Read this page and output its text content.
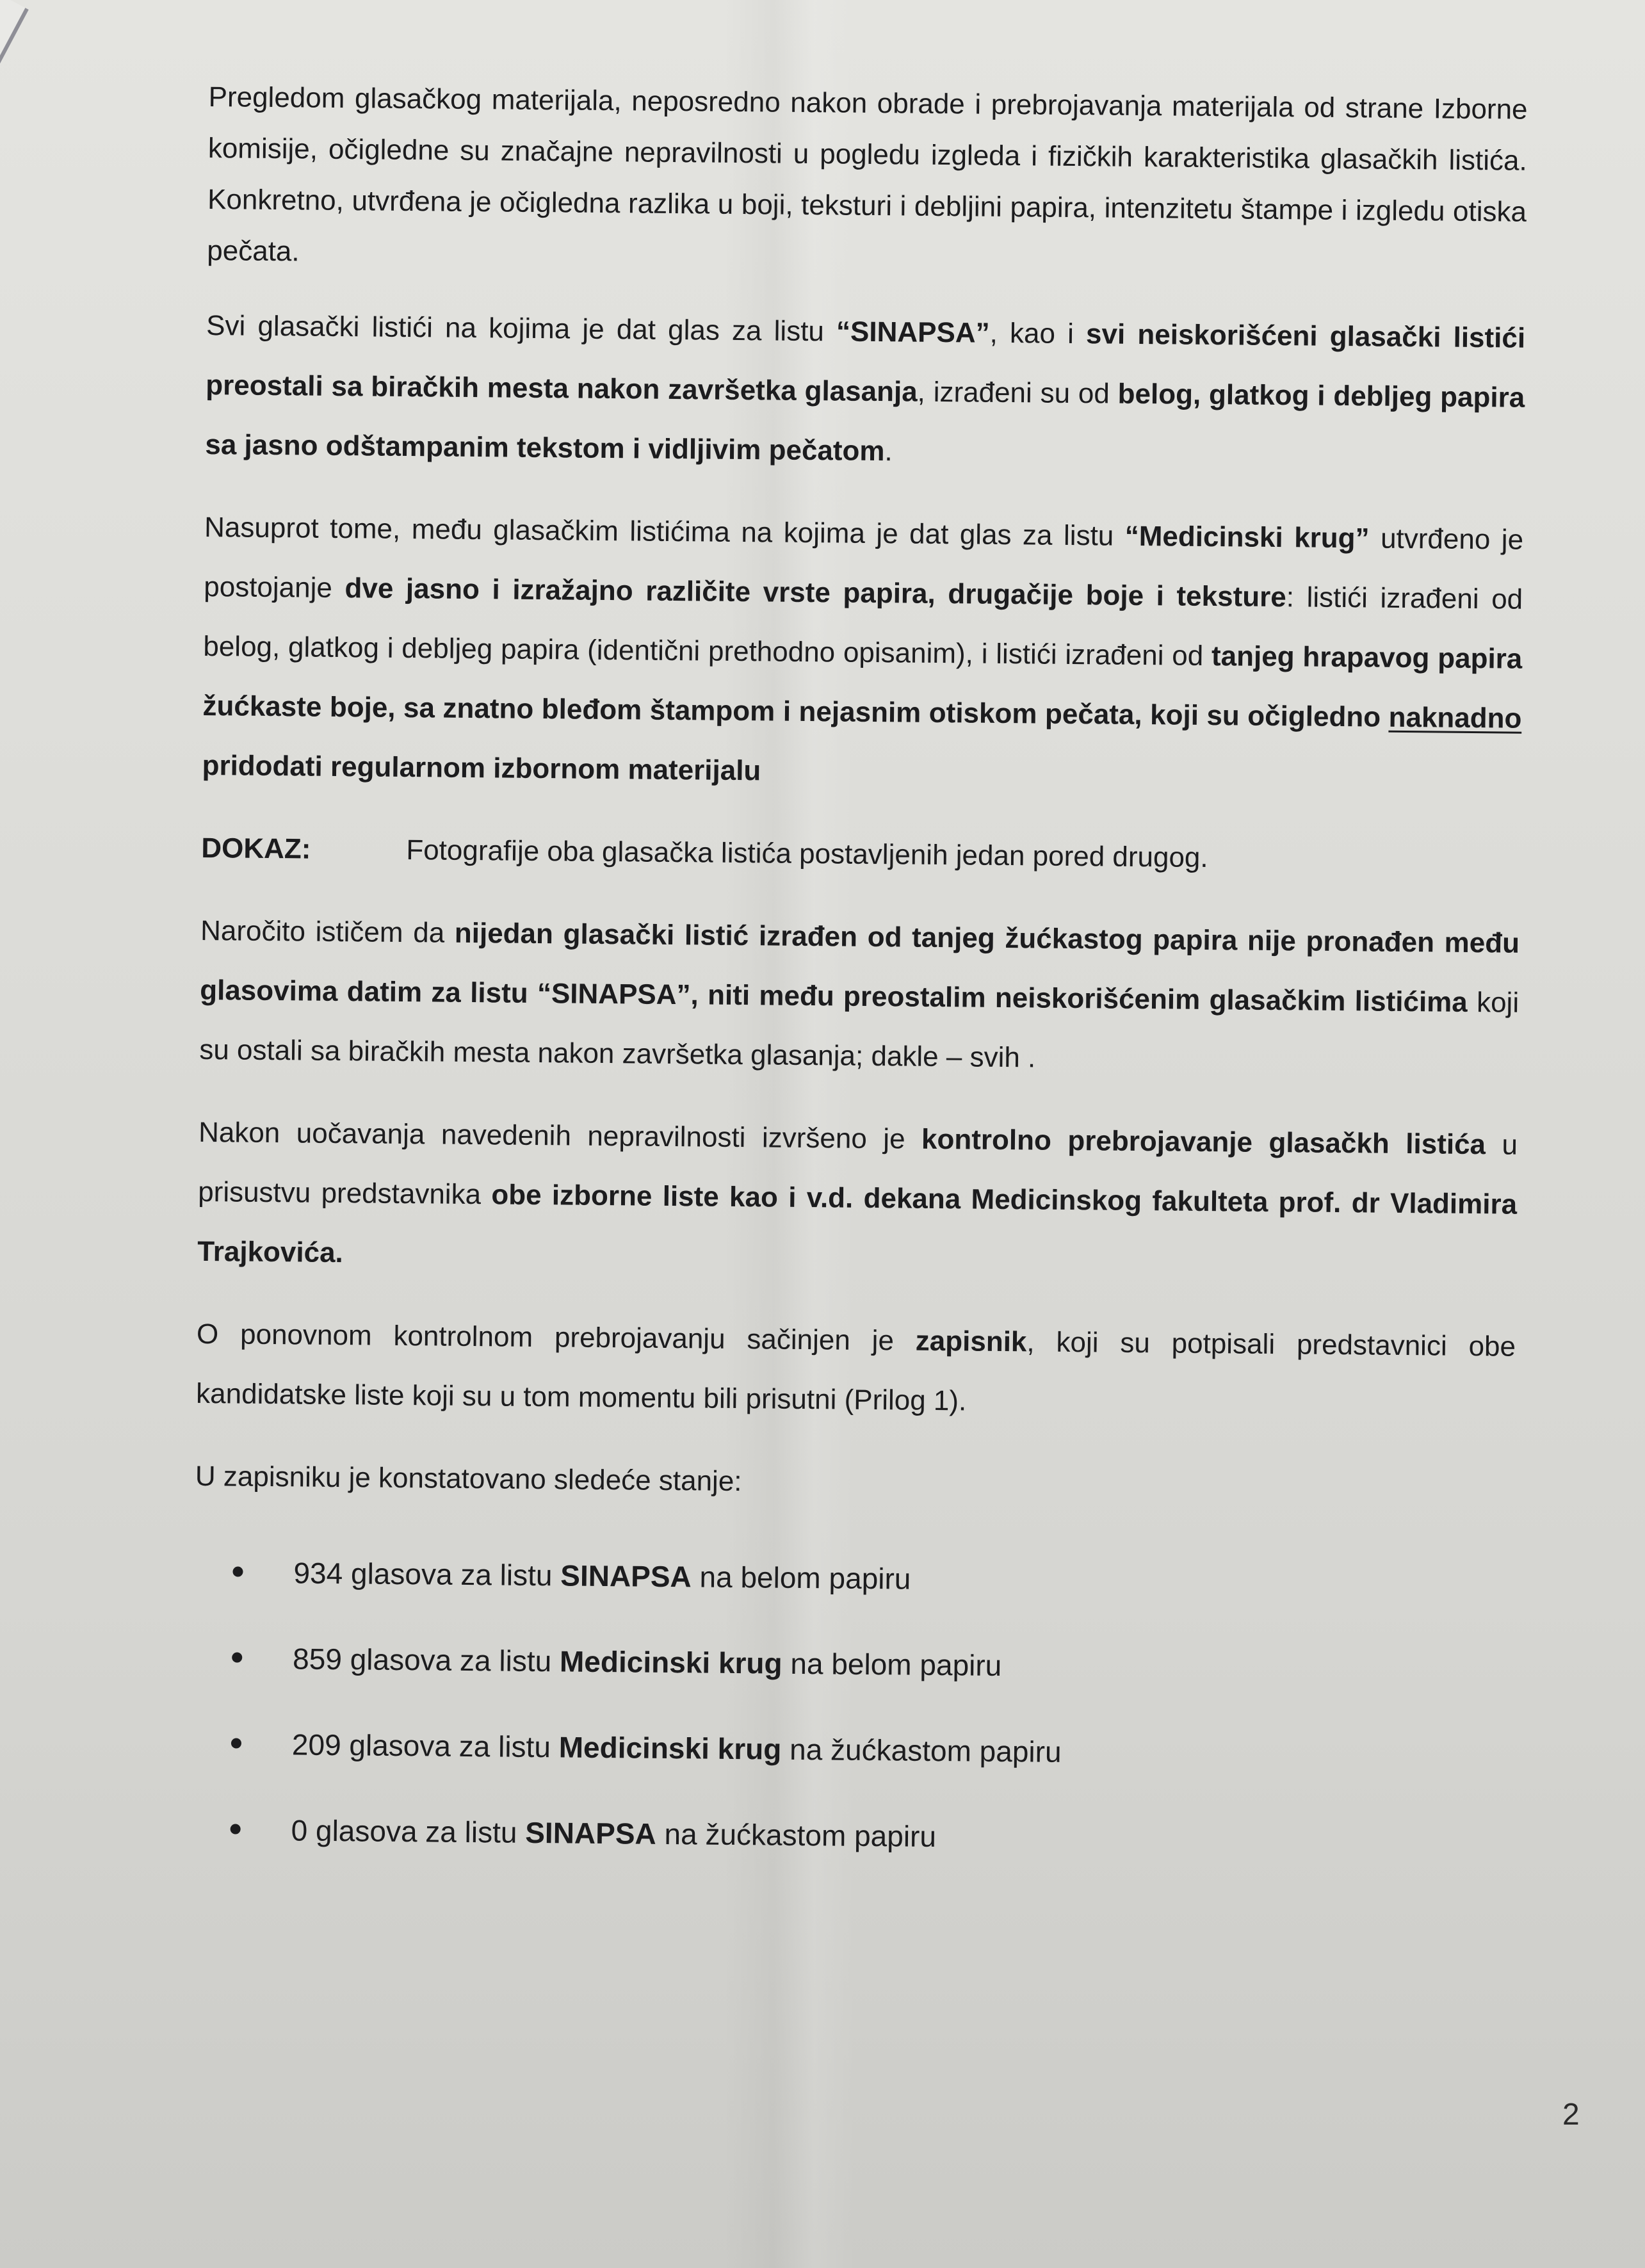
Pregledom glasačkog materijala, neposredno nakon obrade i prebrojavanja materijala od strane Izborne komisije, očigledne su značajne nepravilnosti u pogledu izgleda i fizičkih karakteristika glasačkih listića. Konkretno, utvrđena je očigledna razlika u boji, teksturi i debljini papira, intenzitetu štampe i izgledu otiska pečata.

Svi glasački listići na kojima je dat glas za listu “SINAPSA”, kao i svi neiskorišćeni glasački listići preostali sa biračkih mesta nakon završetka glasanja, izrađeni su od belog, glatkog i debljeg papira sa jasno odštampanim tekstom i vidljivim pečatom.

Nasuprot tome, među glasačkim listićima na kojima je dat glas za listu “Medicinski krug” utvrđeno je postojanje dve jasno i izražajno različite vrste papira, drugačije boje i teksture: listići izrađeni od belog, glatkog i debljeg papira (identični prethodno opisanim), i listići izrađeni od tanjeg hrapavog papira žućkaste boje, sa znatno bleđom štampom i nejasnim otiskom pečata, koji su očigledno naknadno pridodati regularnom izbornom materijalu

DOKAZ:	Fotografije oba glasačka listića postavljenih jedan pored drugog.

Naročito ističem da nijedan glasački listić izrađen od tanjeg žućkastog papira nije pronađen među glasovima datim za listu “SINAPSA”, niti među preostalim neiskorišćenim glasačkim listićima koji su ostali sa biračkih mesta nakon završetka glasanja; dakle – svih .

Nakon uočavanja navedenih nepravilnosti izvršeno je kontrolno prebrojavanje glasačkh listića u prisustvu predstavnika obe izborne liste kao i v.d. dekana Medicinskog fakulteta prof. dr Vladimira Trajkovića.

O ponovnom kontrolnom prebrojavanju sačinjen je zapisnik, koji su potpisali predstavnici obe kandidatske liste koji su u tom momentu bili prisutni (Prilog 1).

U zapisniku je konstatovano sledeće stanje:

934 glasova za listu SINAPSA na belom papiru
859 glasova za listu Medicinski krug na belom papiru
209 glasova za listu Medicinski krug na žućkastom papiru
0 glasova za listu SINAPSA na žućkastom papiru
2
